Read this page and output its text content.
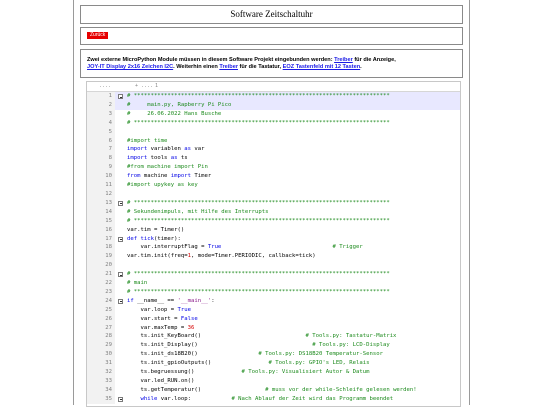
Software Zeitschaltuhr
Zurück
Zwei externe MicroPython Module müssen in diesem Software Projekt eingebunden werden: Treiber für die Anzeige,
JOY-IT Display 2x16 Zeichen I2C. Weiterhin einen Treiber für die Tastatur, EOZ Tastenfeld mit 12 Tasten.
....	+ .... 1
1	# ****************************************************************************
2	#     main.py, Rapberry Pi Pico
3	#     26.06.2022 Hans Busche
4	# ****************************************************************************
5
6	#import time
7	import variablen as var
8	import tools as ts
9	#from machine import Pin
10	from machine import Timer
11	#import upykey as key
12
13	# ****************************************************************************
14	# Sekundenimpuls, mit Hilfe des Interrupts
15	# ****************************************************************************
16	var.tim = Timer()
17	def tick(timer):
18	var.interruptFlag = True	# Trigger
19	var.tim.init(freq=1, mode=Timer.PERIODIC, callback=tick)
20
21	# ****************************************************************************
22	# main
23	# ****************************************************************************
24	if __name__ == '__main__':
25	var.loop = True
26	var.start = False
27	var.maxTemp = 36
28	ts.init_KeyBoard()	# Tools.py: Tastatur-Matrix
29	ts.init_Display()	# Tools.py: LCD-Display
30	ts.init_ds18B20()	# Tools.py: DS18B20 Temperatur-Sensor
31	ts.init_gpioOutputs()	# Tools.py: GPIO's LED, Relais
32	ts.begruessung()	# Tools.py: Visualisiert Autor & Datum
33	var.led_RUN.on()
34	ts.getTemperatur()	# muss vor der while-Schleife gelesen werden!
35	while var.loop:	# Nach Ablauf der Zeit wird das Programm beendet
